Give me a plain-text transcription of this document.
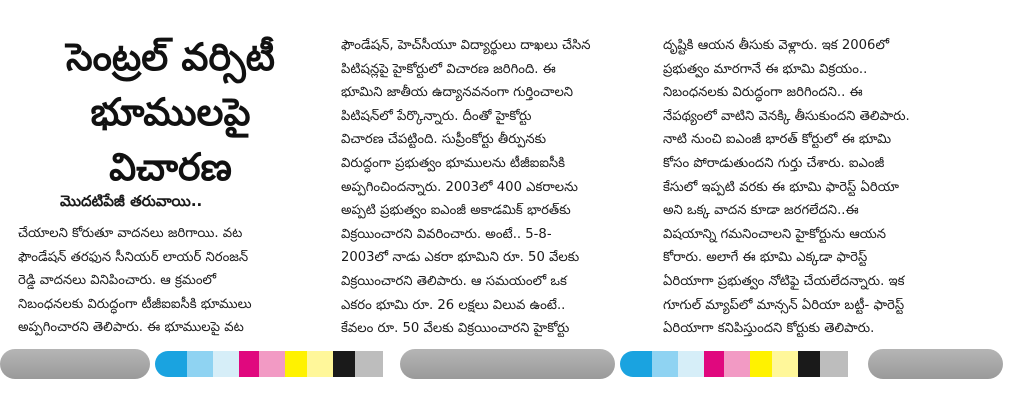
సెంట్రల్ వర్సిటీ
భూములపై
విచారణ
మొదటిపేజీ తరువాయి..
చేయాలని కోరుతూ వాదనలు జరిగాయి. వట
ఫౌండేషన్ తరఫున సీనియర్ లాయర్ నిరంజన్
రెడ్డి వాదనలు వినిపించారు. ఆ క్రమంలో
నిబంధనలకు విరుద్ధంగా టీజీఐఐసీకి భూములు
అప్పగించారని తెలిపారు. ఈ భూములపై వట
ఫౌండేషన్, హెచ్‌సీయూ విద్యార్థులు దాఖలు చేసిన
పిటిషన్లపై హైకోర్టులో విచారణ జరిగింది. ఈ
భూమిని జాతీయ ఉద్యానవనంగా గుర్తించాలని
పిటిషన్‌లో పేర్కొన్నారు. దీంతో హైకోర్టు
విచారణ చేపట్టింది. సుప్రీంకోర్టు తీర్పునకు
విరుద్ధంగా ప్రభుత్వం భూములను టీజీఐఐసీకి
అప్పగించిందన్నారు. 2003లో 400 ఎకరాలను
అప్పటి ప్రభుత్వం ఐఎంజీ అకాడమిక్ భారత్‌కు
విక్రయించారని వివరించారు. అంటే.. 5-8-
2003లో నాడు ఎకరా భూమిని రూ. 50 వేలకు
విక్రయించారని తెలిపారు. ఆ సమయంలో ఒక
ఎకరం భూమి రూ. 26 లక్షలు విలువ ఉంటే..
కేవలం రూ. 50 వేలకు విక్రయించారని హైకోర్టు
దృష్టికి ఆయన తీసుకు వెళ్లారు. ఇక 2006లో
ప్రభుత్వం మారగానే ఈ భూమి విక్రయం..
నిబంధనలకు విరుద్ధంగా జరిగిందని.. ఈ
నేపథ్యంలో వాటిని వెనక్కి తీసుకుందని తెలిపారు.
నాటి నుంచి ఐఎంజీ భారత్ కోర్టులో ఈ భూమి
కోసం పోరాడుతుందని గుర్తు చేశారు. ఐఎంజీ
కేసులో ఇప్పటి వరకు ఈ భూమి ఫారెస్ట్ ఏరియా
అని ఒక్క వాదన కూడా జరగలేదని..ఈ
విషయాన్ని గమనించాలని హైకోర్టును ఆయన
కోరారు. అలాగే ఈ భూమి ఎక్కడా ఫారెస్ట్
ఏరియాగా ప్రభుత్వం నోటిఫై చేయలేదన్నారు. ఇక
గూగుల్ మ్యాప్‌లో మాన్సన్ ఏరియా బట్టీ- ఫారెస్ట్
ఏరియాగా కనిపిస్తుందని కోర్టుకు తెలిపారు.
